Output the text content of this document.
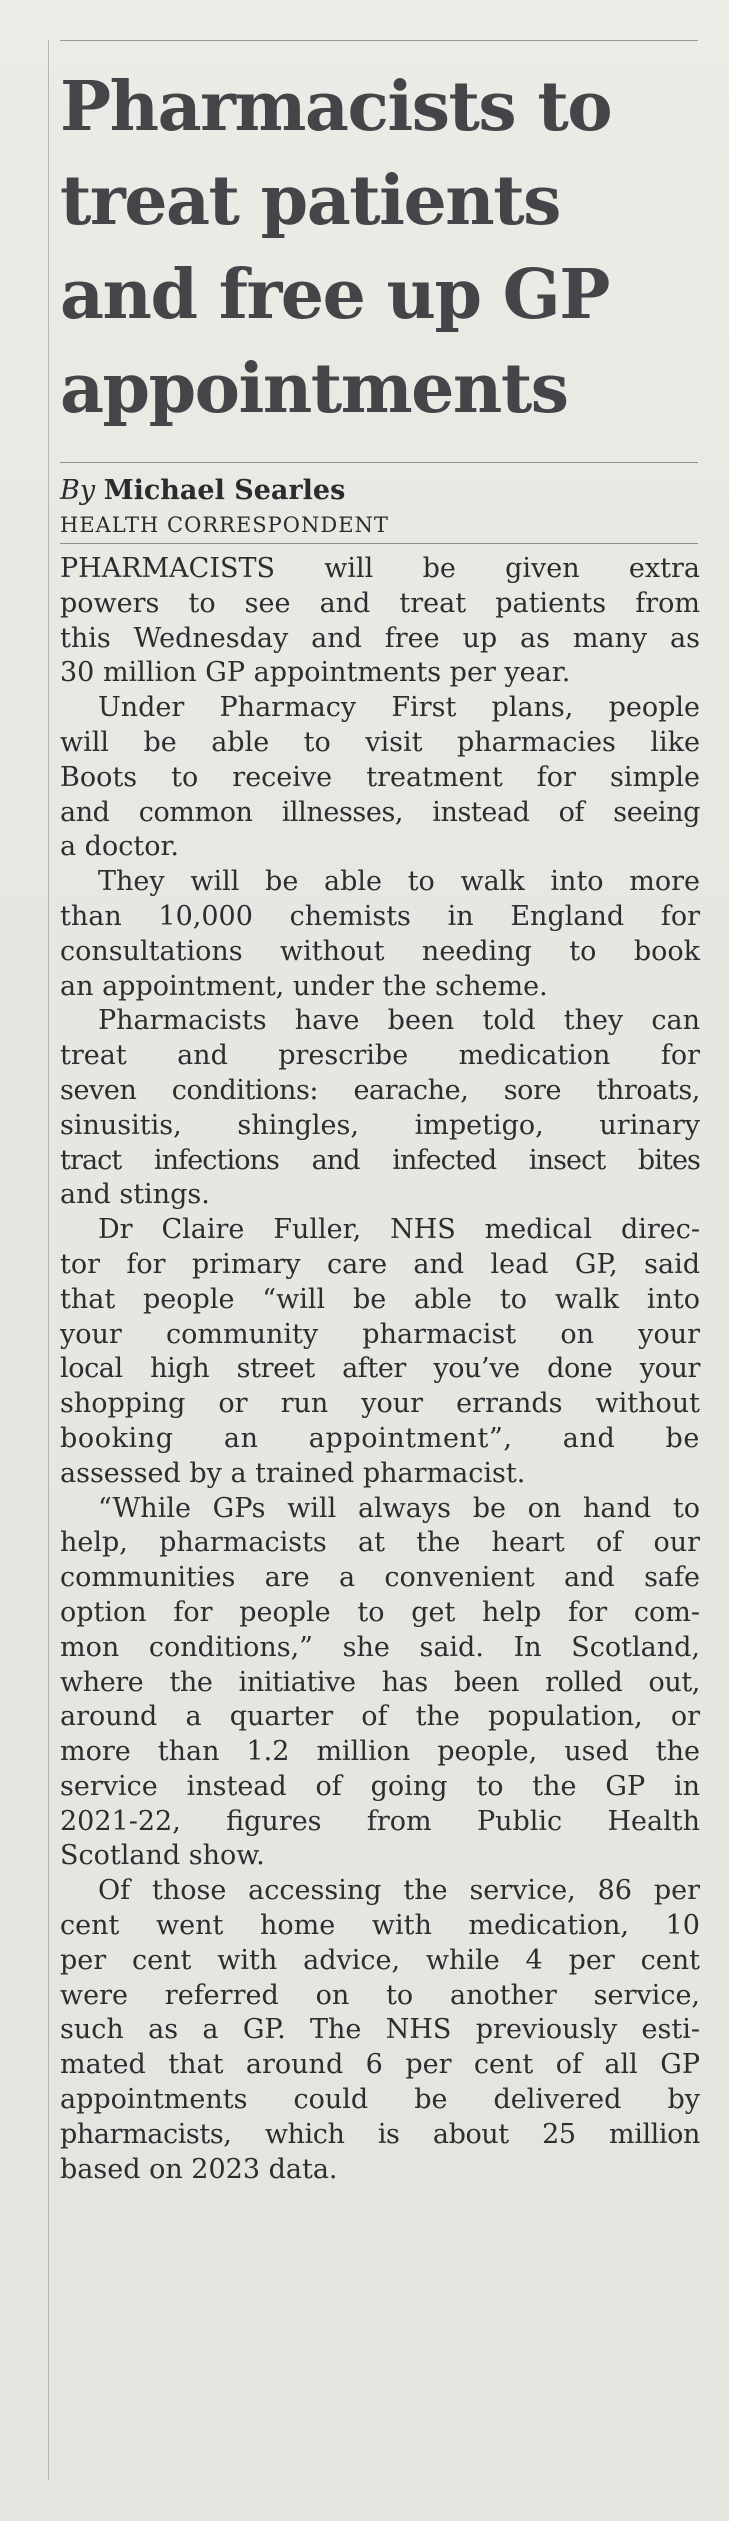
Pharmacists to
treat patients
and free up GP
appointments
By Michael Searles
HEALTH CORRESPONDENT

PHARMACISTS will be given extra
powers to see and treat patients from
this Wednesday and free up as many as
30 million GP appointments per year.

Under Pharmacy First plans, people
will be able to visit pharmacies like
Boots to receive treatment for simple
and common illnesses, instead of seeing
a doctor.

They will be able to walk into more
than 10,000 chemists in England for
consultations without needing to book
an appointment, under the scheme.

Pharmacists have been told they can
treat and prescribe medication for
seven conditions: earache, sore throats,
sinusitis, shingles, impetigo, urinary
tract infections and infected insect bites
and stings.

Dr Claire Fuller, NHS medical direc-
tor for primary care and lead GP, said
that people “will be able to walk into
your community pharmacist on your
local high street after you’ve done your
shopping or run your errands without
booking an appointment”, and be
assessed by a trained pharmacist.

“While GPs will always be on hand to
help, pharmacists at the heart of our
communities are a convenient and safe
option for people to get help for com-
mon conditions,” she said. In Scotland,
where the initiative has been rolled out,
around a quarter of the population, or
more than 1.2 million people, used the
service instead of going to the GP in
2021-22, figures from Public Health
Scotland show.

Of those accessing the service, 86 per
cent went home with medication, 10
per cent with advice, while 4 per cent
were referred on to another service,
such as a GP. The NHS previously esti-
mated that around 6 per cent of all GP
appointments could be delivered by
pharmacists, which is about 25 million
based on 2023 data.
